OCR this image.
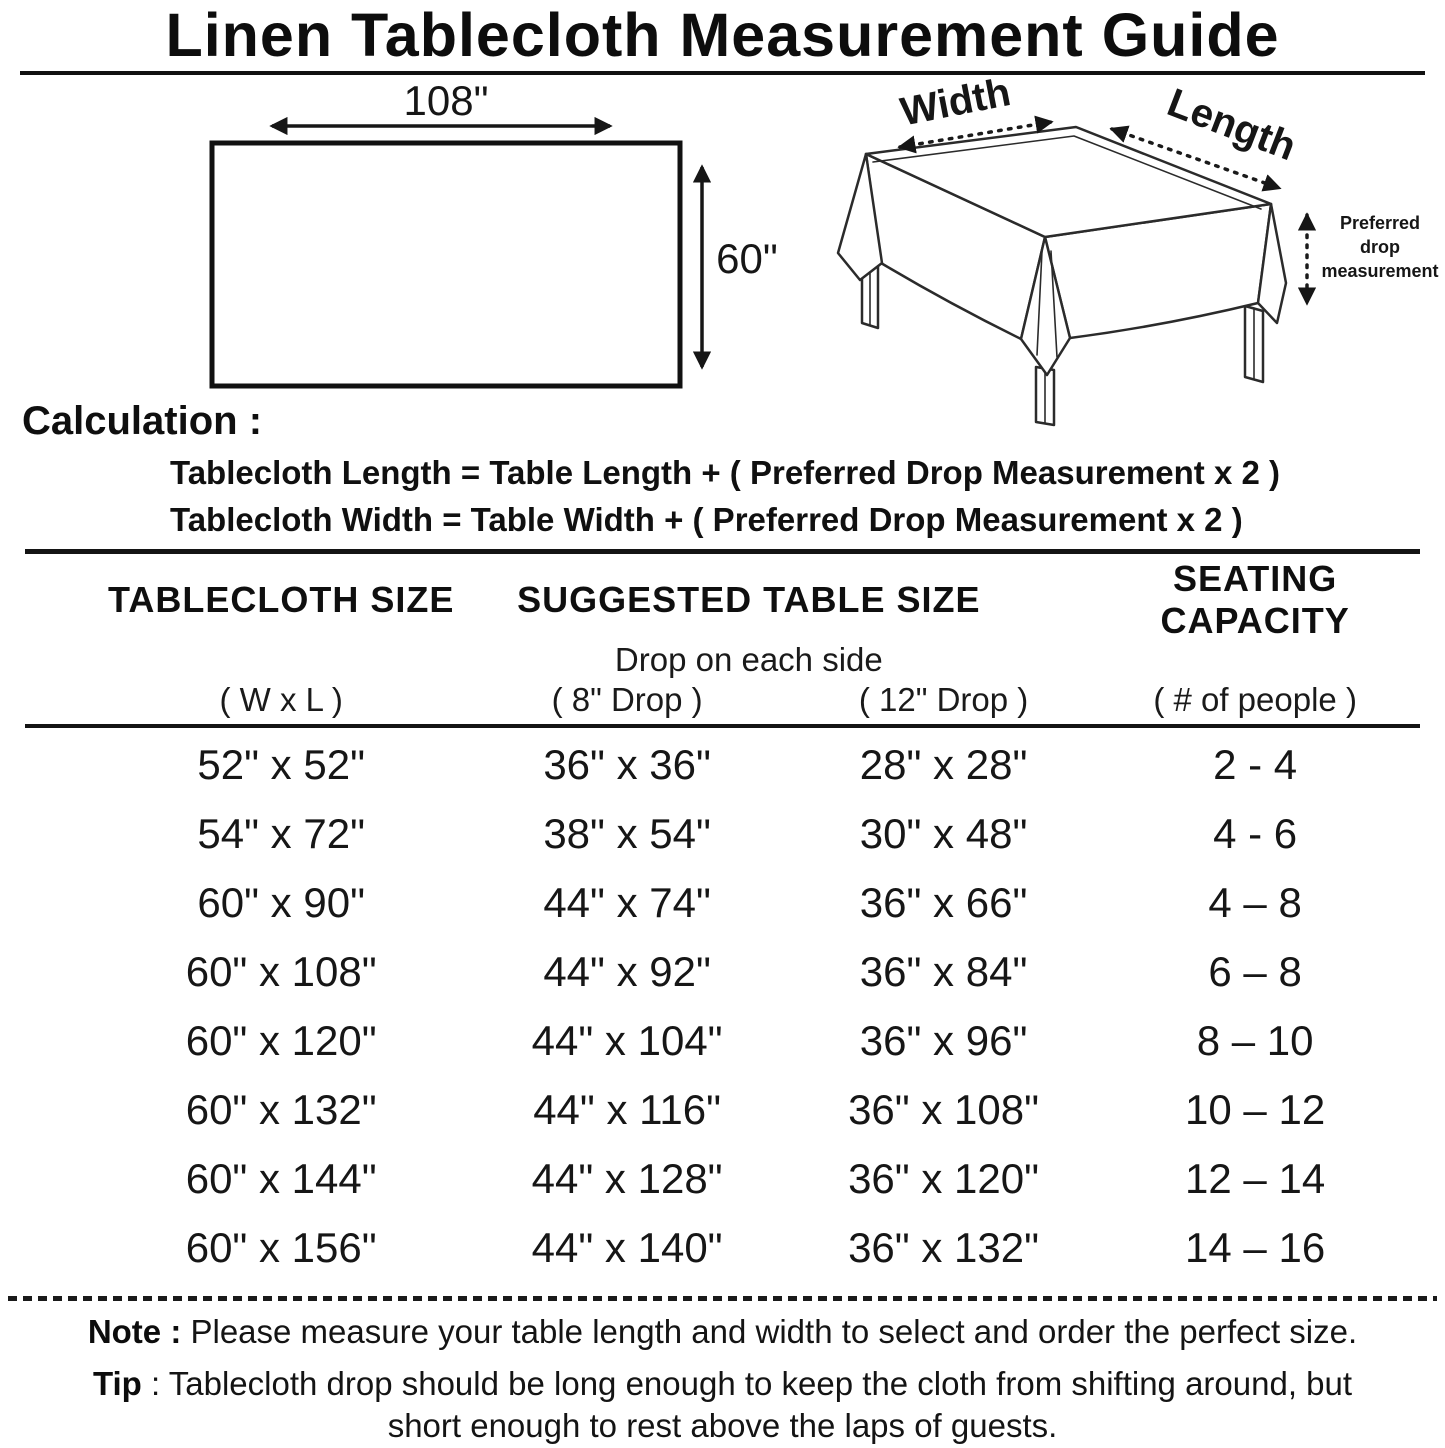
Linen Tablecloth Measurement Guide
108"
60"
Width	Length
Preferred
drop
measurement
Calculation :
Tablecloth Length = Table Length + ( Preferred Drop Measurement x 2 )
Tablecloth Width = Table Width + ( Preferred Drop Measurement x 2 )
TABLECLOTH SIZE	SUGGESTED TABLE SIZE
SEATING CAPACITY
Drop on each side
( W x L )	( 8" Drop )	( 12" Drop )	( # of people )
52" x 52"	36" x 36"	28" x 28"	2 - 4
54" x 72"	38" x 54"	30" x 48"	4 - 6
60" x 90"	44" x 74"	36" x 66"	4 – 8
60" x 108"	44" x 92"	36" x 84"	6 – 8
60" x 120"	44" x 104"	36" x 96"	8 – 10
60" x 132"	44" x 116"	36" x 108"	10 – 12
60" x 144"	44" x 128"	36" x 120"	12 – 14
60" x 156"	44" x 140"	36" x 132"	14 – 16
Note : Please measure your table length and width to select and order the perfect size.
Tip : Tablecloth drop should be long enough to keep the cloth from shifting around, but
short enough to rest above the laps of guests.
